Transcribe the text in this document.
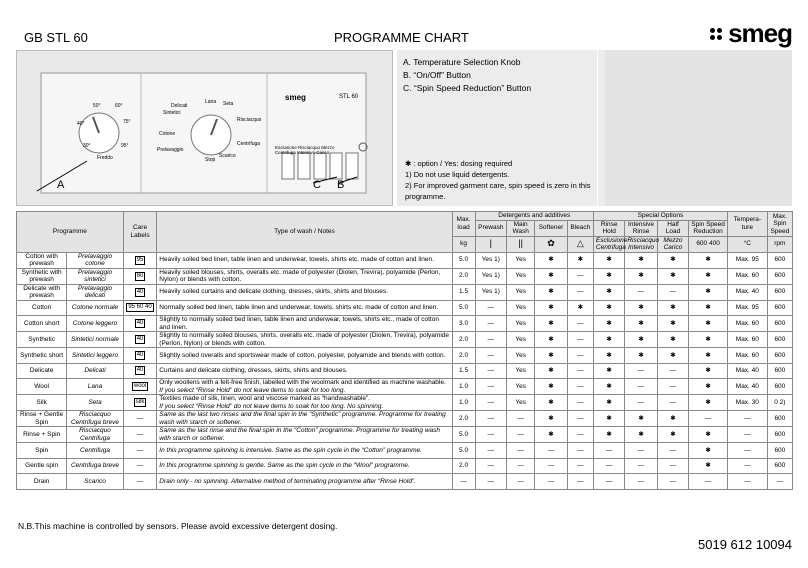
GB STL 60	PROGRAMME CHART	smeg
50°	60°
40°	75°
30°	95°
Freddo
Delicati
Sintetici
Lana Seta
Cotone
Risciacquo
Prelavaggio
Scarico
Stop
Centrifuga
smeg	STL 60
Esclusione Risciacquo Mezzo Centrifuga Intensivo Carico
A	C B
A. Temperature Selection Knob
B. “On/Off” Button
C. “Spin Speed Reduction” Button
✱ : option / Yes: dosing required
1) Do not use liquid detergents.
2) For improved garment care, spin speed is zero in this programme.
Programme		Care Labels	Type of wash / Notes	Max. load	Detergents and additives				Special Options				Tempera- ture	Max. Spin Speed
					Prewash	Main Wash	Softener	Bleach	Rinse Hold	Intensive Rinse	Half Load	Spin Speed Reduction		
				kg	|	||	✿	△	Esclusione Centrifuga	Risciacquo Intensivo	Mezzo Carico	600 400	°C	rpm
Cotton with prewash	Prelavaggio cotone	95	Heavily soiled bed linen, table linen and underwear, towels, shirts etc. made of cotton and linen.	5.0	Yes 1)	Yes	✱	✱	✱	✱	✱	✱	Max. 95	600
Synthetic with prewash	Prelavaggio sintetici	60	Heavily soiled blouses, shirts, overalls etc. made of polyester (Diolen, Trevira), polyamide (Perlon, Nylon) or blends with cotton.	2.0	Yes 1)	Yes	✱	—	✱	✱	✱	✱	Max. 60	600
Delicate with prewash	Prelavaggio delicati	40	Heavily soiled curtains and delicate clothing, dresses, skirts, shirts and blouses.	1.5	Yes 1)	Yes	✱	—	✱	—	—	✱	Max. 40	600
Cotton	Cotone normale	95 60 40	Normally soiled bed linen, table linen and underwear, towels, shirts etc. made of cotton and linen.	5.0	—	Yes	✱	✱	✱	✱	✱	✱	Max. 95	600
Cotton short	Cotone leggero	40	Slightly to normally soiled bed linen, table linen and underwear, towels, shirts etc., made of cotton and linen.	3.0	—	Yes	✱	—	✱	✱	✱	✱	Max. 60	600
Synthetic	Sintetici normale	40	Slightly to normally soiled blouses, shirts, overalls etc. made of polyester (Diolen, Trevira), polyamide (Perlon, Nylon) or blends with cotton.	2.0	—	Yes	✱	—	✱	✱	✱	✱	Max. 60	600
Synthetic short	Sintetici leggero	40	Slightly soiled overalls and sportswear made of cotton, polyester, polyamide and blends with cotton.	2.0	—	Yes	✱	—	✱	✱	✱	✱	Max. 60	600
Delicate	Delicati	40	Curtains and delicate clothing, dresses, skirts, shirts and blouses.	1.5	—	Yes	✱	—	✱	—	—	✱	Max. 40	600
Wool	Lana	wool	Only woollens with a felt-free finish, labelled with the woolmark and identified as machine washable.
If you select “Rinse Hold” do not leave items to soak for too long.	1.0	—	Yes	✱	—	✱	—	—	✱	Max. 40	600
Silk	Seta	silk	Textiles made of silk, linen, wool and viscose marked as “handwashable”.
If you select “Rinse Hold” do not leave items to soak for too long. No spinning.	1.0	—	Yes	✱	—	✱	—	—	✱	Max. 30	0 2)
Rinse + Gentle Spin	Risciacquo Centrifuga breve	—	Same as the last two rinses and the final spin in the “Synthetic” programme. Programme for treating wash with starch or softener.	2.0	—	—	✱	—	✱	✱	✱	—	—	600
Rinse + Spin	Risciacquo Centrifuga	—	Same as the last rinse and the final spin in the “Cotton” programme. Programme for treating wash with starch or softener.	5.0	—	—	✱	—	✱	✱	✱	✱	—	600
Spin	Centrifuga	—	In this programme spinning is intensive. Same as the spin cycle in the “Cotton” programme.	5.0	—	—	—	—	—	—	—	✱	—	600
Gentle spin	Centrifuga breve	—	In this programme spinning is gentle. Same as the spin cycle in the “Wool” programme.	2.0	—	—	—	—	—	—	—	✱	—	600
Drain	Scarico	—	Drain only - no spinning. Alternative method of terminating programme after “Rinse Hold”.	—	—	—	—	—	—	—	—	—	—	—
N.B.This machine is controlled by sensors. Please avoid excessive detergent dosing.
5019 612 10094
